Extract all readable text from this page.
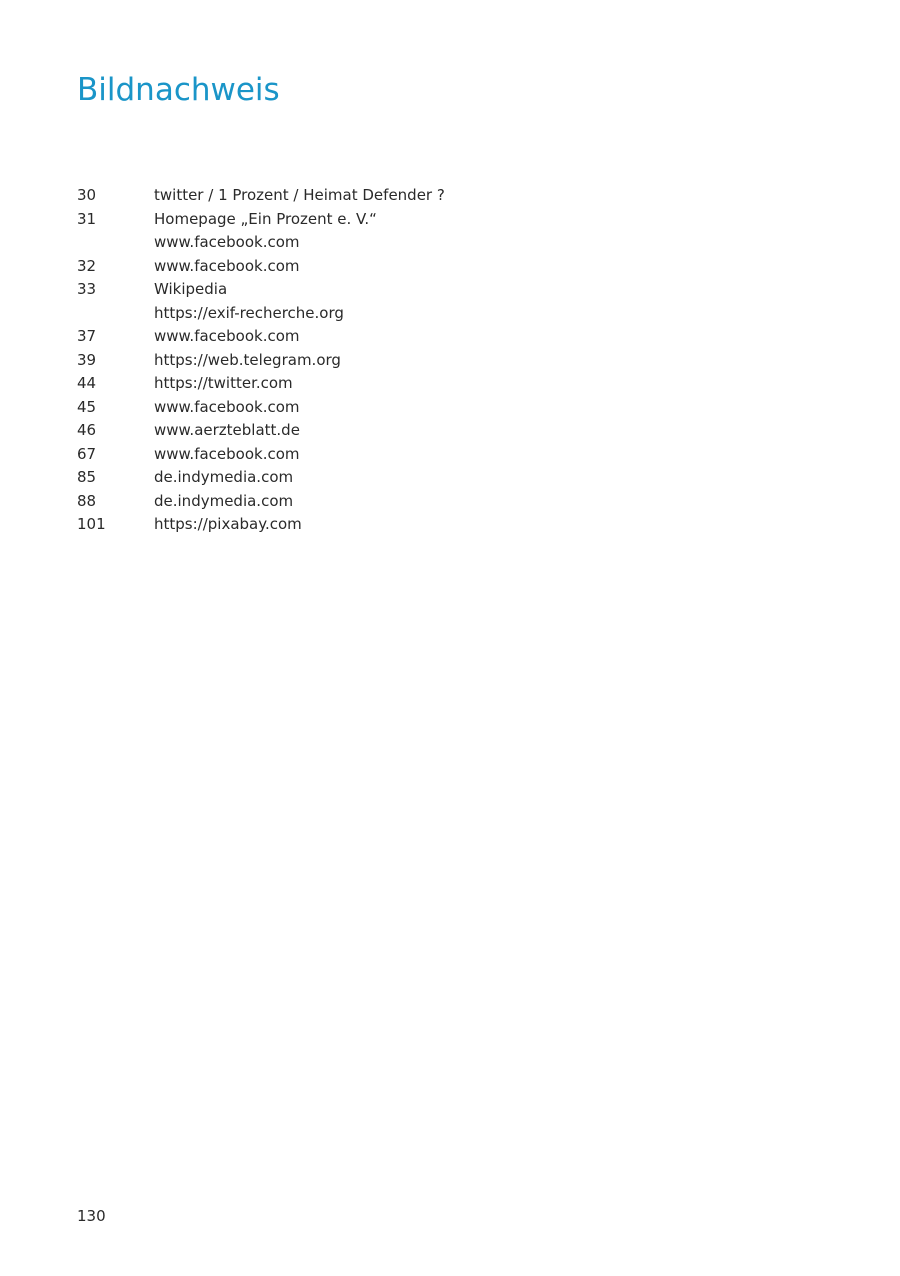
Bildnachweis
30	twitter / 1 Prozent / Heimat Defender ?
31	Homepage „Ein Prozent e. V.“
www.facebook.com
32	www.facebook.com
33	Wikipedia
https://exif-recherche.org
37	www.facebook.com
39	https://web.telegram.org
44	https://twitter.com
45	www.facebook.com
46	www.aerzteblatt.de
67	www.facebook.com
85	de.indymedia.com
88	de.indymedia.com
101	https://pixabay.com
130
